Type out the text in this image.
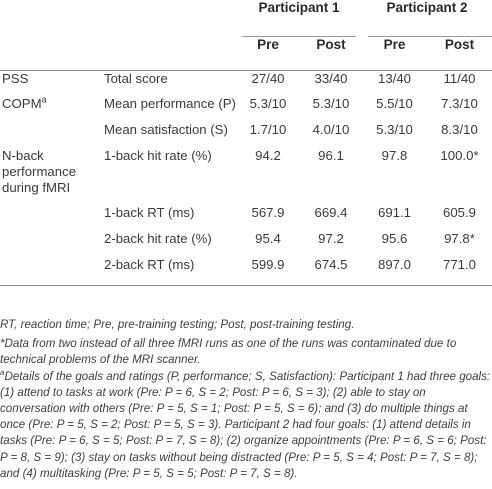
		Participant 1		Participant 2	

		Pre	Post	Pre	Post
PSS	Total score	27/40	33/40	13/40	11/40
COPM$^a$	Mean performance (P)	5.3/10	5.3/10	5.5/10	7.3/10
	Mean satisfaction (S)	1.7/10	4.0/10	5.3/10	8.3/10

N-back
performance
during fMRI	1-back hit rate (%)	94.2	96.1	97.8	100.0*
	1-back RT (ms)	567.9	669.4	691.1	605.9
	2-back hit rate (%)	95.4	97.2	95.6	97.8*
	2-back RT (ms)	599.9	674.5	897.0	771.0

RT, reaction time; Pre, pre-training testing; Post, post-training testing.

*Data from two instead of all three fMRI runs as one of the runs was contaminated due to technical problems of the MRI scanner.

$^a$Details of the goals and ratings (P, performance; S, Satisfaction): Participant 1 had three goals: (1) attend to tasks at work (Pre: P = 6, S = 2; Post: P = 6, S = 3); (2) able to stay on conversation with others (Pre: P = 5, S = 1; Post: P = 5, S = 6); and (3) do multiple things at once (Pre: P = 5, S = 2; Post: P = 5, S = 3). Participant 2 had four goals: (1) attend details in tasks (Pre: P = 6, S = 5; Post: P = 7, S = 8); (2) organize appointments (Pre: P = 6, S = 6; Post: P = 8, S = 9); (3) stay on tasks without being distracted (Pre: P = 5, S = 4; Post: P = 7, S = 8); and (4) multitasking (Pre: P = 5, S = 5; Post: P = 7, S = 8).
